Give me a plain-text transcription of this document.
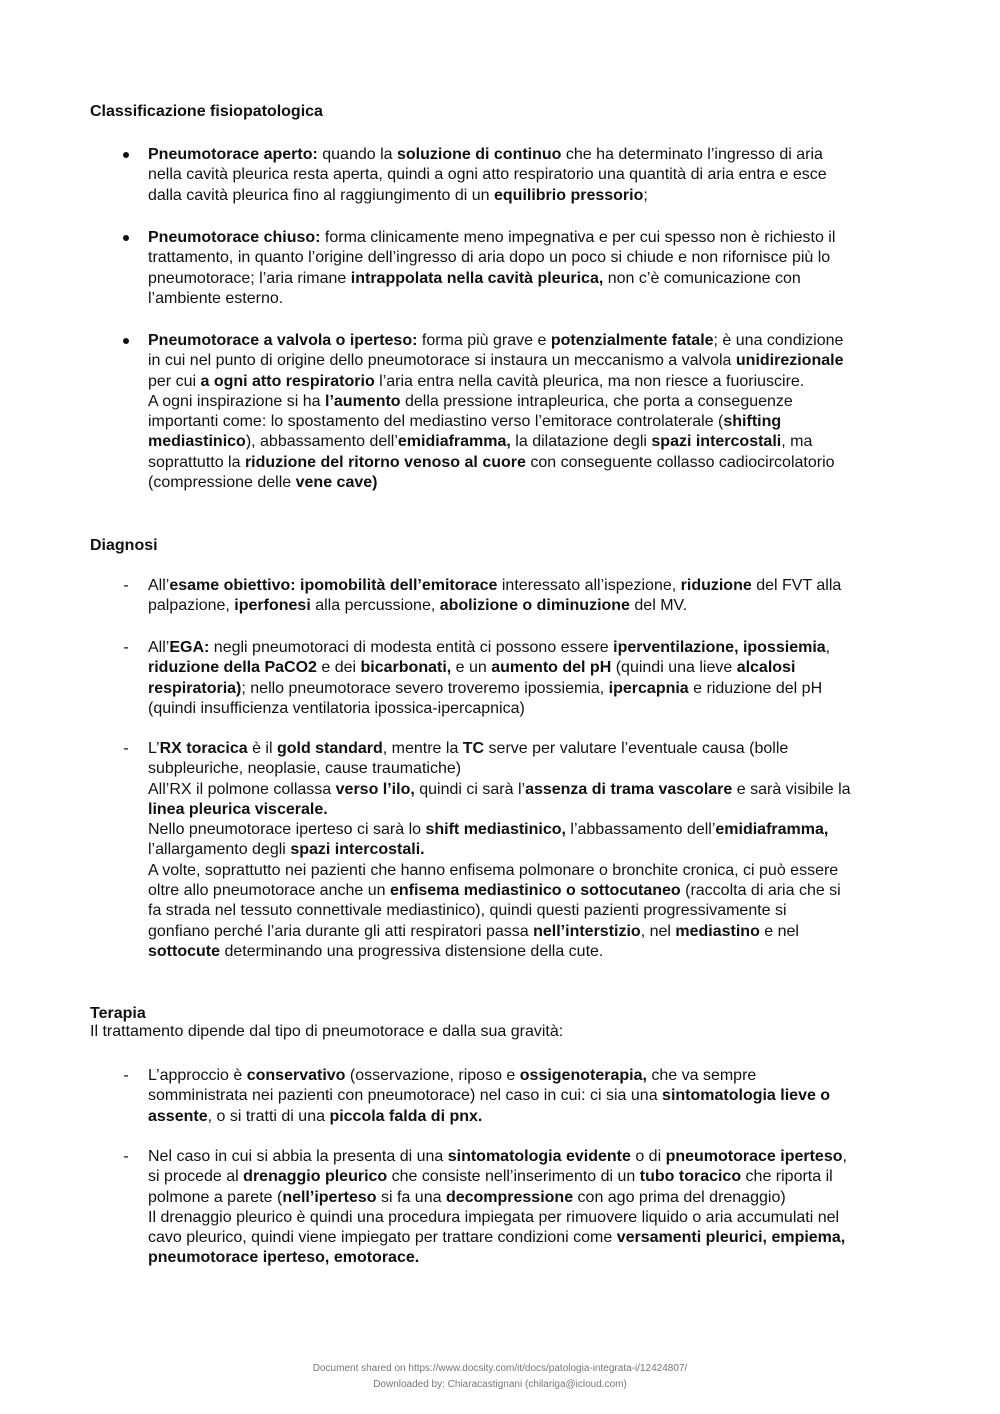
Classificazione fisiopatologica
Pneumotorace aperto: quando la soluzione di continuo che ha determinato l’ingresso di aria
nella cavità pleurica resta aperta, quindi a ogni atto respiratorio una quantità di aria entra e esce
dalla cavità pleurica fino al raggiungimento di un equilibrio pressorio;
Pneumotorace chiuso: forma clinicamente meno impegnativa e per cui spesso non è richiesto il
trattamento, in quanto l’origine dell’ingresso di aria dopo un poco si chiude e non rifornisce più lo
pneumotorace; l’aria rimane intrappolata nella cavità pleurica, non c’è comunicazione con
l’ambiente esterno.
Pneumotorace a valvola o iperteso: forma più grave e potenzialmente fatale; è una condizione
in cui nel punto di origine dello pneumotorace si instaura un meccanismo a valvola unidirezionale
per cui a ogni atto respiratorio l’aria entra nella cavità pleurica, ma non riesce a fuoriuscire.
A ogni inspirazione si ha l’aumento della pressione intrapleurica, che porta a conseguenze
importanti come: lo spostamento del mediastino verso l’emitorace controlaterale (shifting
mediastinico), abbassamento dell’emidiaframma, la dilatazione degli spazi intercostali, ma
soprattutto la riduzione del ritorno venoso al cuore con conseguente collasso cadiocircolatorio
(compressione delle vene cave)
Diagnosi
-	All’esame obiettivo: ipomobilità dell’emitorace interessato all’ispezione, riduzione del FVT alla
palpazione, iperfonesi alla percussione, abolizione o diminuzione del MV.
-	All’EGA: negli pneumotoraci di modesta entità ci possono essere iperventilazione, ipossiemia,
riduzione della PaCO2 e dei bicarbonati, e un aumento del pH (quindi una lieve alcalosi
respiratoria); nello pneumotorace severo troveremo ipossiemia, ipercapnia e riduzione del pH
(quindi insufficienza ventilatoria ipossica-ipercapnica)
-	L’RX toracica è il gold standard, mentre la TC serve per valutare l’eventuale causa (bolle
subpleuriche, neoplasie, cause traumatiche)
All’RX il polmone collassa verso l’ilo, quindi ci sarà l’assenza di trama vascolare e sarà visibile la
linea pleurica viscerale.
Nello pneumotorace iperteso ci sarà lo shift mediastinico, l’abbassamento dell’emidiaframma,
l’allargamento degli spazi intercostali.
A volte, soprattutto nei pazienti che hanno enfisema polmonare o bronchite cronica, ci può essere
oltre allo pneumotorace anche un enfisema mediastinico o sottocutaneo (raccolta di aria che si
fa strada nel tessuto connettivale mediastinico), quindi questi pazienti progressivamente si
gonfiano perché l’aria durante gli atti respiratori passa nell’interstizio, nel mediastino e nel
sottocute determinando una progressiva distensione della cute.
Terapia

Il trattamento dipende dal tipo di pneumotorace e dalla sua gravità:

-	L’approccio è conservativo (osservazione, riposo e ossigenoterapia, che va sempre
somministrata nei pazienti con pneumotorace) nel caso in cui: ci sia una sintomatologia lieve o
assente, o si tratti di una piccola falda di pnx.
-	Nel caso in cui si abbia la presenta di una sintomatologia evidente o di pneumotorace iperteso,
si procede al drenaggio pleurico che consiste nell’inserimento di un tubo toracico che riporta il
polmone a parete (nell’iperteso si fa una decompressione con ago prima del drenaggio)
Il drenaggio pleurico è quindi una procedura impiegata per rimuovere liquido o aria accumulati nel
cavo pleurico, quindi viene impiegato per trattare condizioni come versamenti pleurici, empiema,
pneumotorace iperteso, emotorace.
Document shared on https://www.docsity.com/it/docs/patologia-integrata-i/12424807/
Downloaded by: Chiaracastignani (chilariga@icloud.com)
